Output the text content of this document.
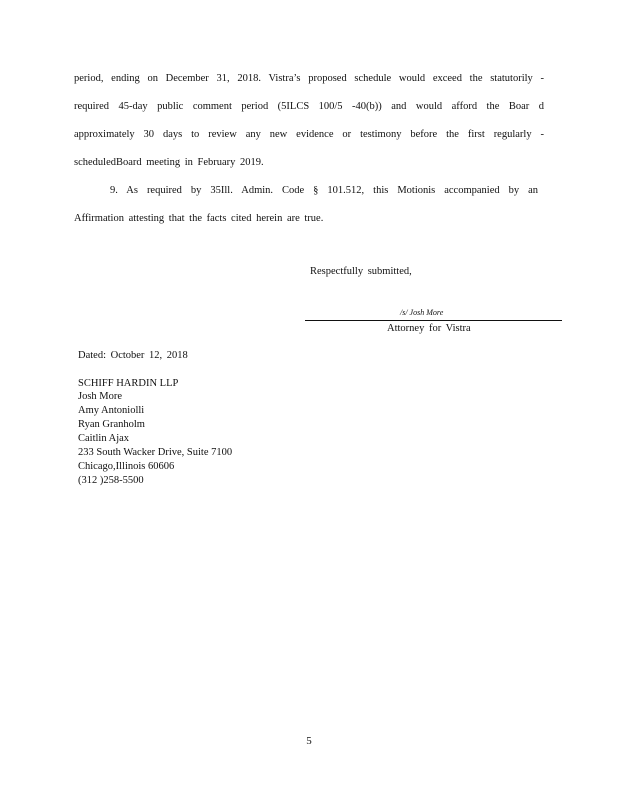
period, ending on December 31, 2018. Vistra’s proposed schedule would exceed the statutorily -
required 45-day public comment period (5ILCS 100/5 -40(b)) and would afford the Boar d
approximately 30 days to review any new evidence or testimony before the first regularly -
scheduledBoard meeting in February 2019.
9. As required by 35Ill. Admin. Code § 101.512, this Motionis accompanied by an
Affirmation attesting that the facts cited herein are true.
Respectfully submitted,
/s/ Josh More
Attorney for Vistra
Dated: October 12, 2018
SCHIFF HARDIN LLP
Josh More
Amy Antoniolli
Ryan Granholm
Caitlin Ajax
233 South Wacker Drive, Suite 7100
Chicago,Illinois 60606
(312 )258-5500
5
